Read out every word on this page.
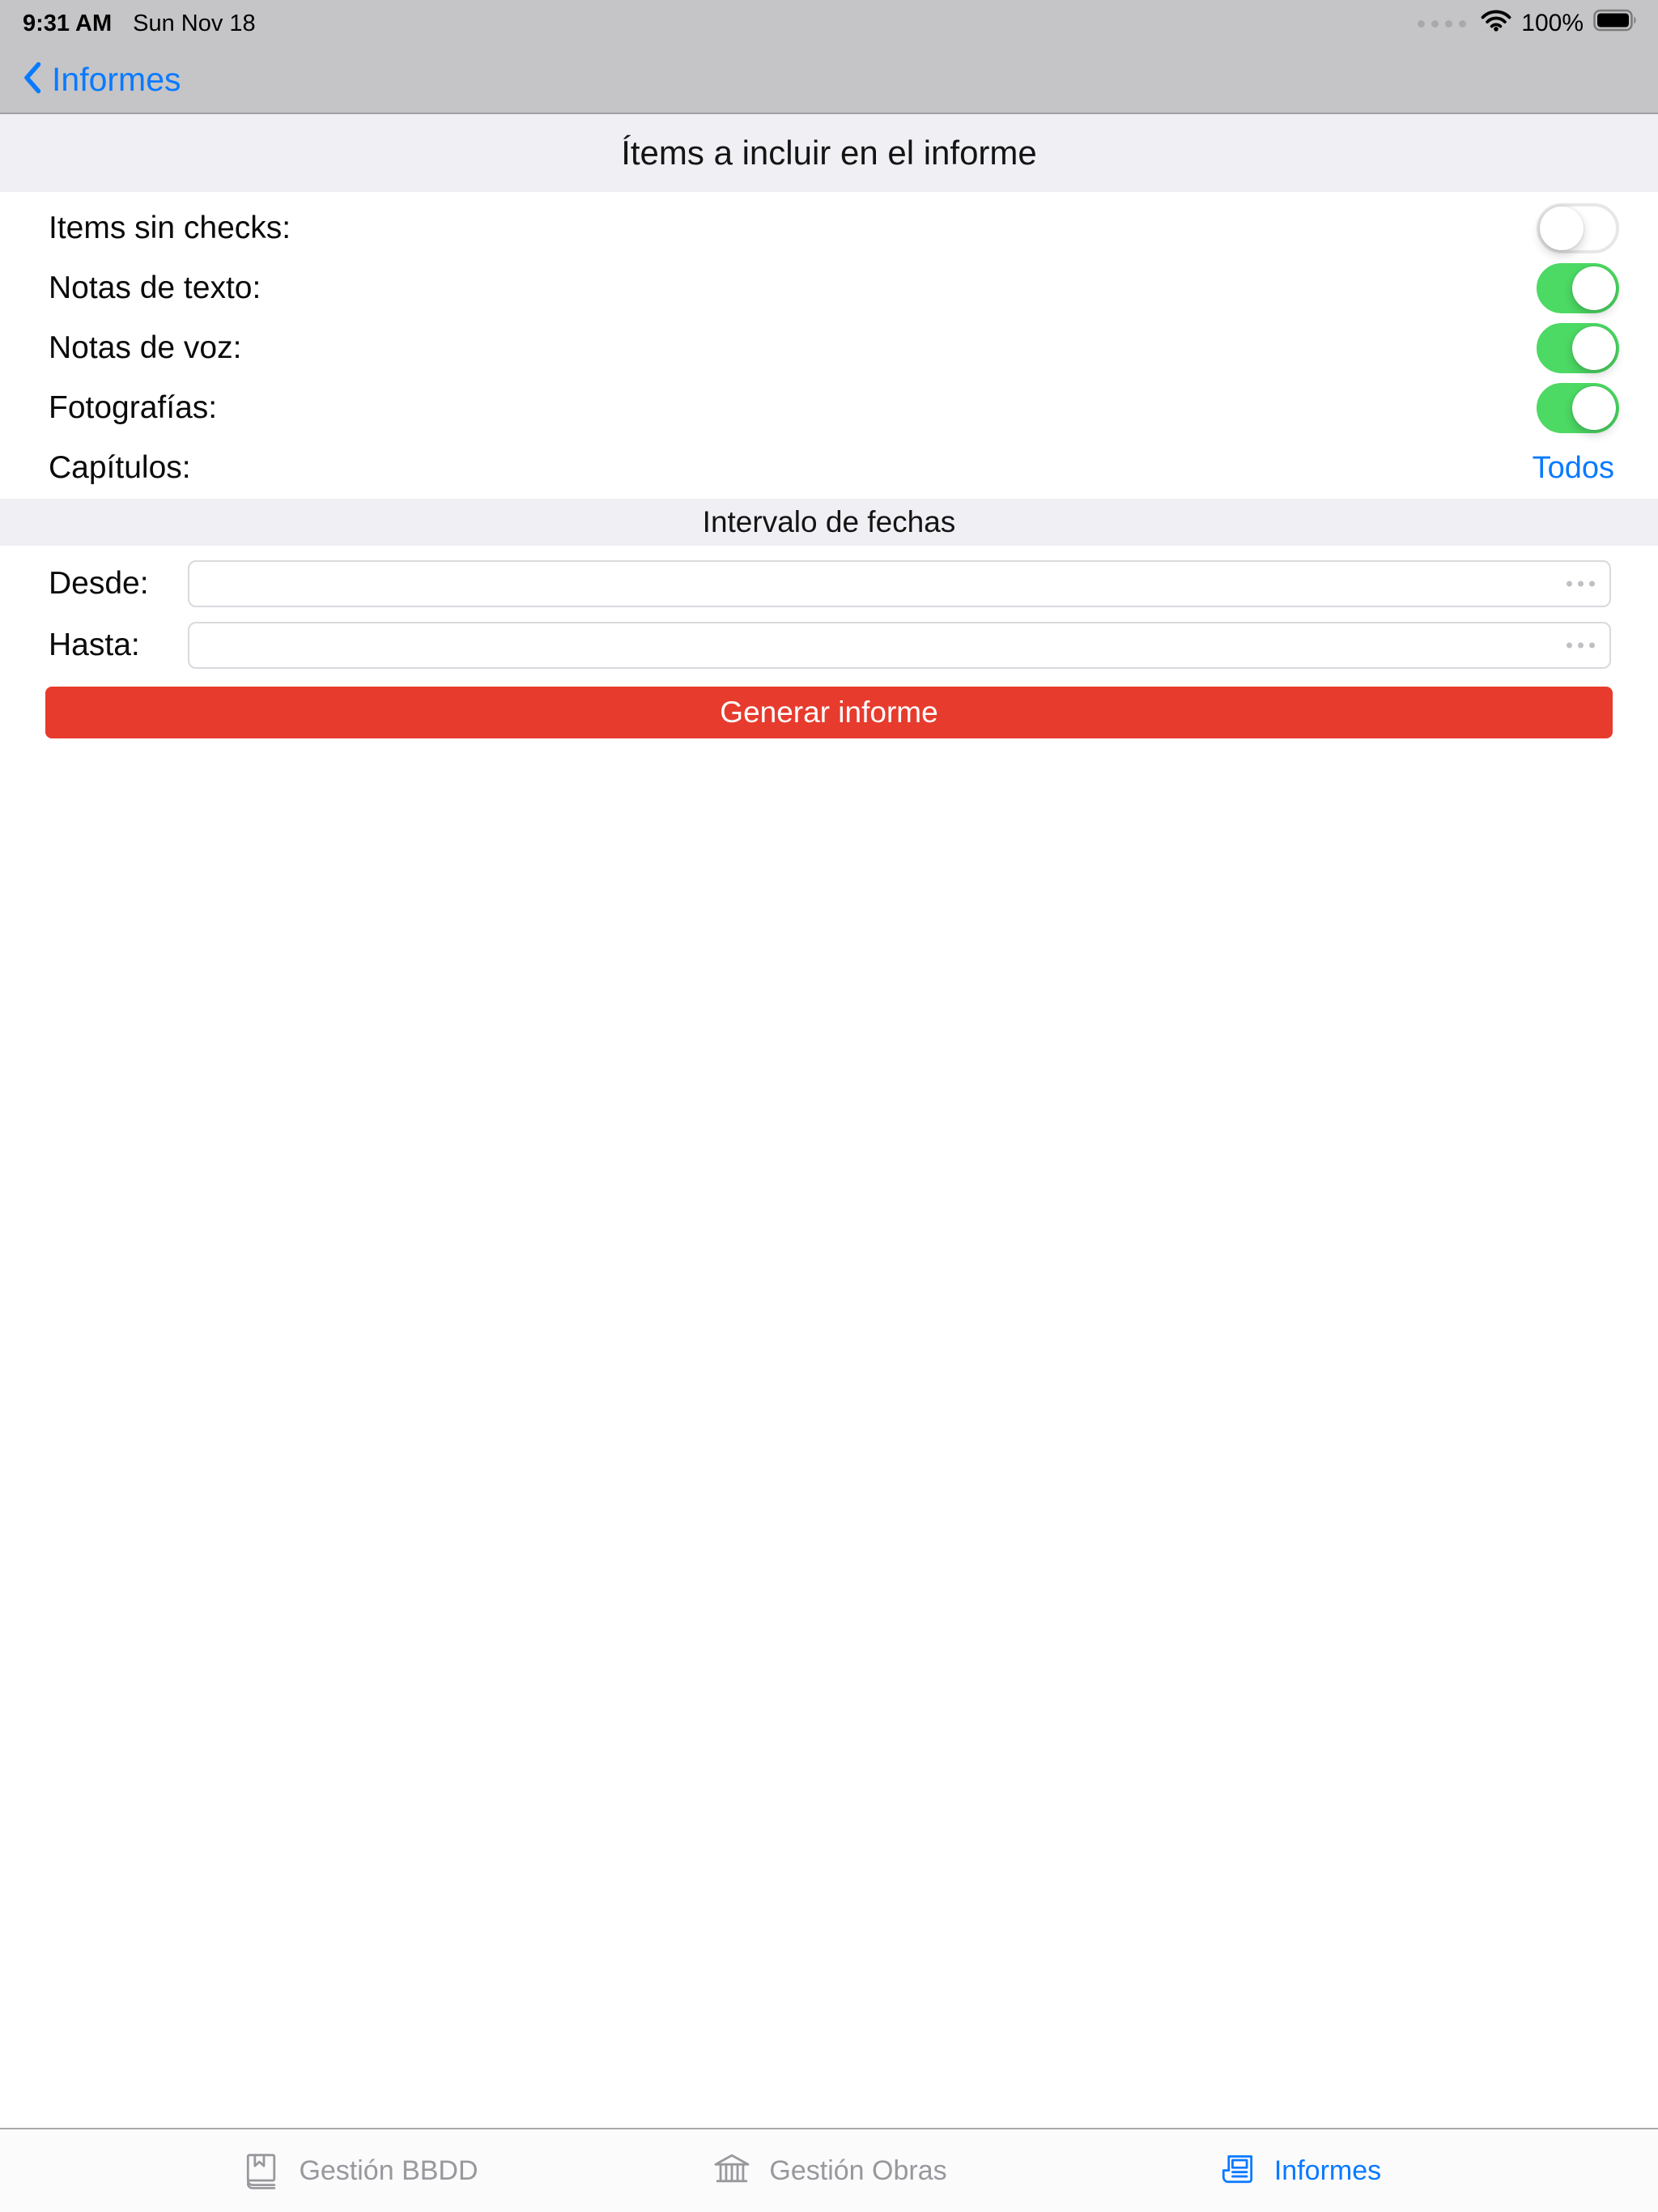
9:31 AM Sun Nov 18	100%
Informes
Ítems a incluir en el informe
Items sin checks:
Notas de texto:
Notas de voz:
Fotografías:
Capítulos:	Todos
Intervalo de fechas
Desde:
Hasta:
Generar informe
Gestión BBDD	Gestión Obras	Informes
